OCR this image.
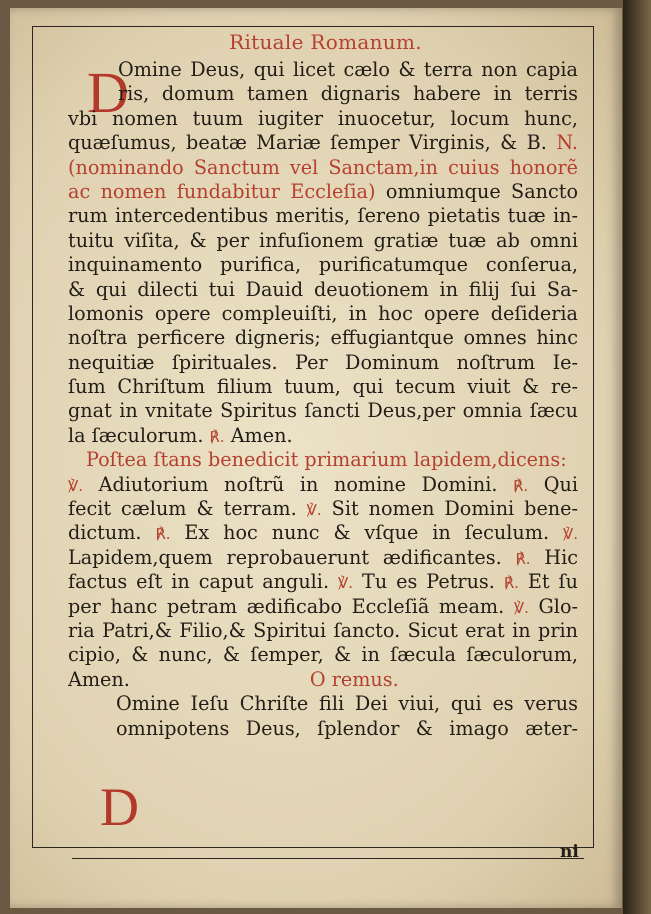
Rituale Romanum.
D
D
Omine Deus, qui licet cælo & terra non capia
ris, domum tamen dignaris habere in terris
vbi nomen tuum iugiter inuocetur, locum hunc,
quæſumus, beatæ Mariæ ſemper Virginis, & B. N.
(nominando Sanctum vel Sanctam,in cuius honorẽ
ac nomen fundabitur Eccleſia) omniumque Sancto
rum intercedentibus meritis, ſereno pietatis tuæ in-
tuitu viſita, & per infuſionem gratiæ tuæ ab omni
inquinamento purifica, purificatumque conſerua,
& qui dilecti tui Dauid deuotionem in filij ſui Sa-
lomonis opere compleuiſti, in hoc opere deſideria
noſtra perficere digneris; effugiantque omnes hinc
nequitiæ ſpirituales. Per Dominum noſtrum Ie-
ſum Chriſtum filium tuum, qui tecum viuit & re-
gnat in vnitate Spiritus ſancti Deus,per omnia ſæcu
la ſæculorum. ℟. Amen.
Poſtea ſtans benedicit primarium lapidem,dicens:
℣. Adiutorium noſtrũ in nomine Domini. ℟. Qui
fecit cælum & terram. ℣. Sit nomen Domini bene-
dictum. ℟. Ex hoc nunc & vſque in ſeculum. ℣.
Lapidem,quem reprobauerunt ædificantes. ℟. Hic
factus eſt in caput anguli. ℣. Tu es Petrus. ℟. Et ſu
per hanc petram ædificabo Eccleſiã meam. ℣. Glo-
ria Patri,& Filio,& Spiritui ſancto. Sicut erat in prin
cipio, & nunc, & ſemper, & in ſæcula ſæculorum,
Amen.	O remus.
Omine Ieſu Chriſte fili Dei viui, qui es verus
omnipotens Deus, ſplendor & imago æter-
ni
